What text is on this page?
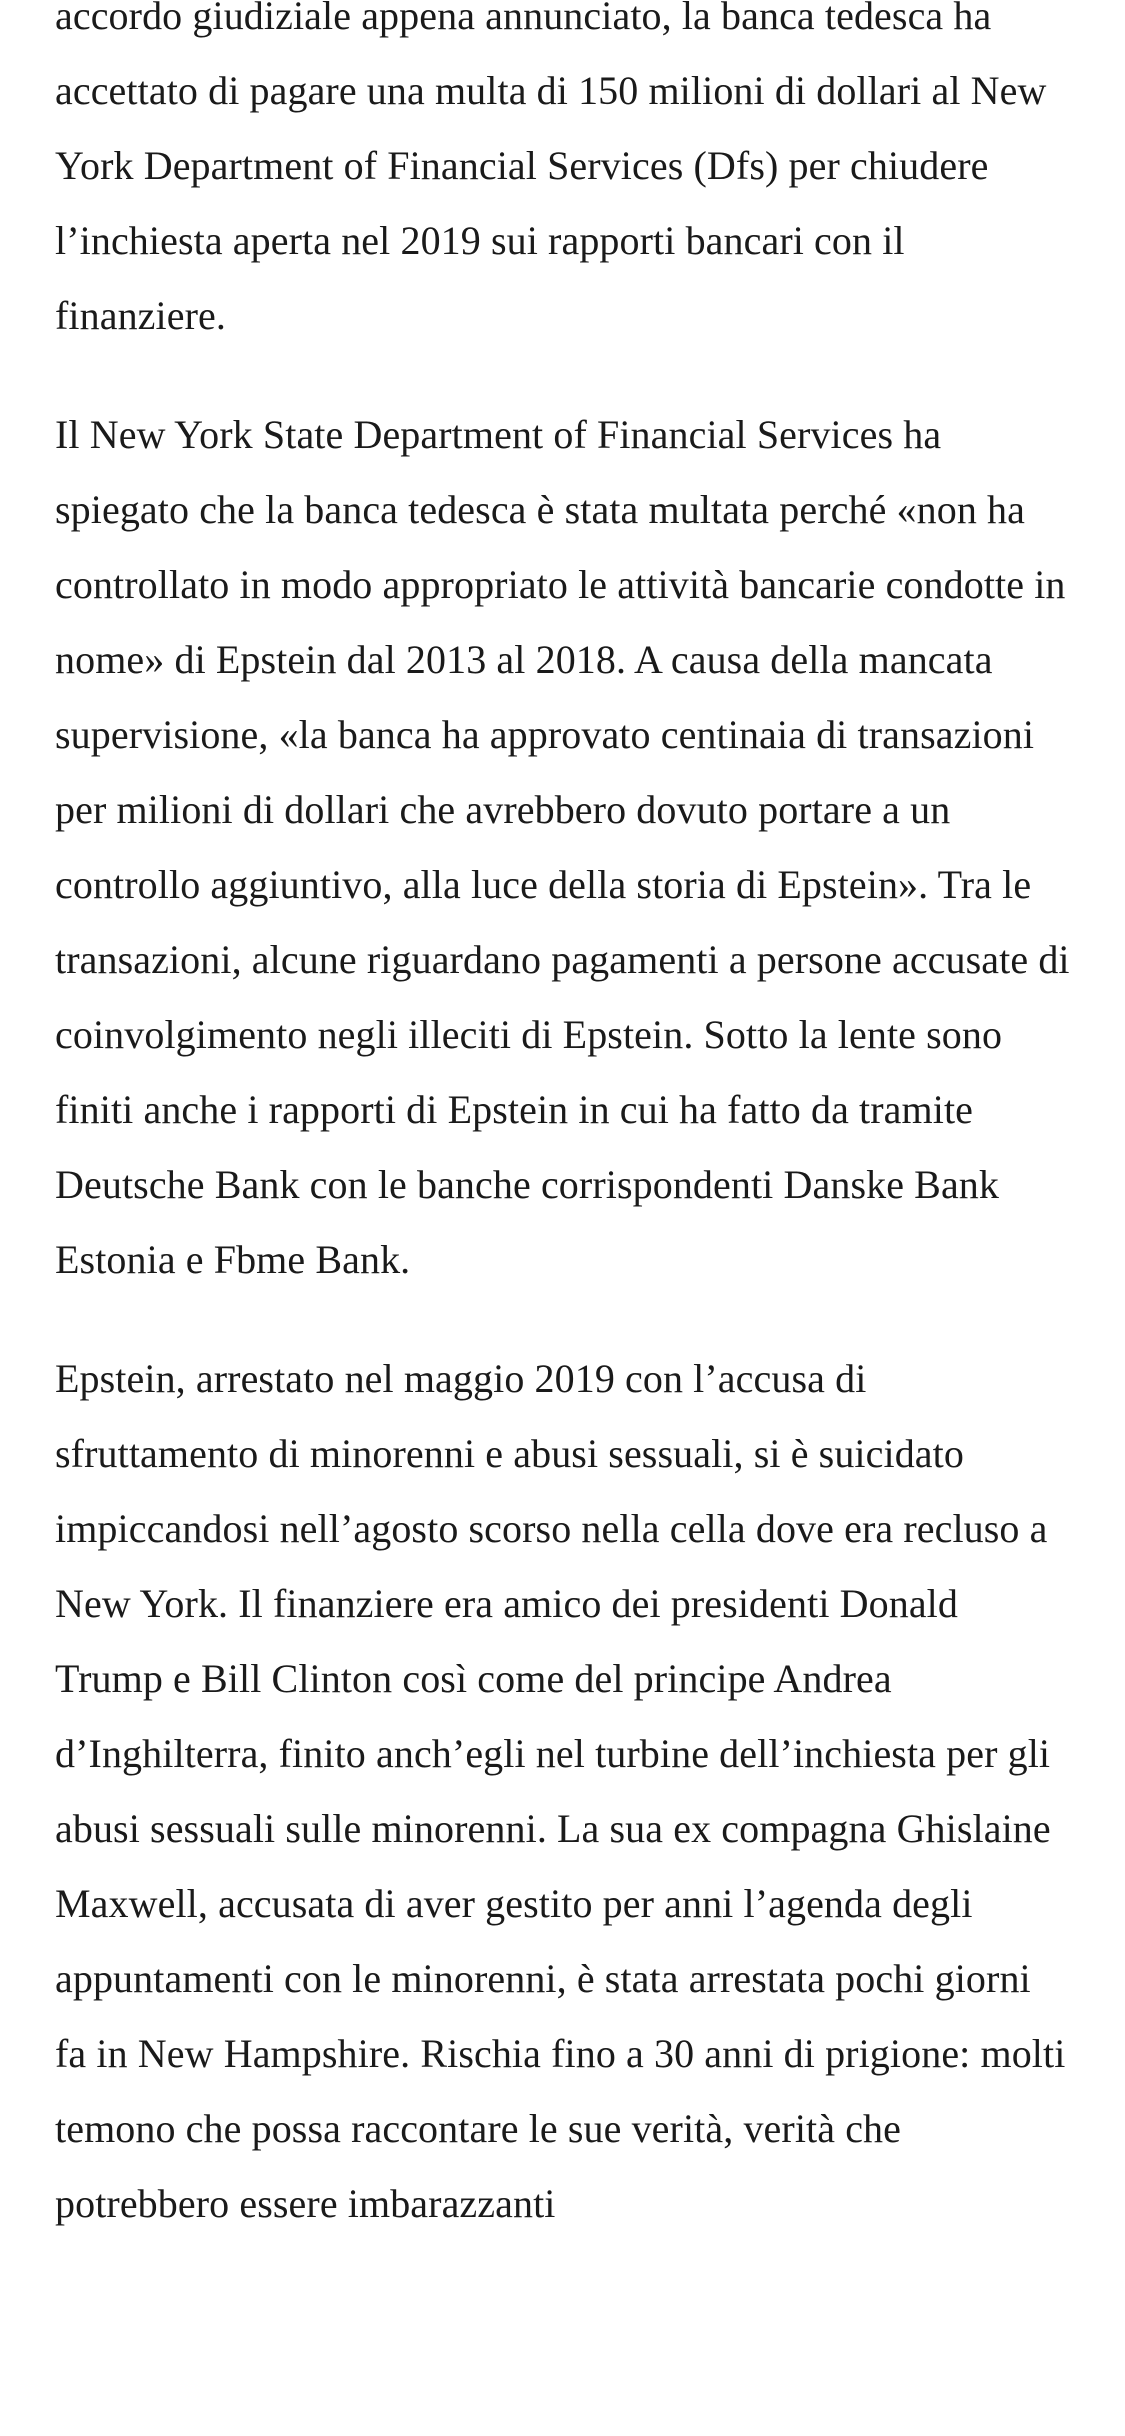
accordo giudiziale appena annunciato, la banca tedesca ha accettato di pagare una multa di 150 milioni di dollari al New York Department of Financial Services (Dfs) per chiudere l’inchiesta aperta nel 2019 sui rapporti bancari con il finanziere.

Il New York State Department of Financial Services ha spiegato che la banca tedesca è stata multata perché «non ha controllato in modo appropriato le attività bancarie condotte in nome» di Epstein dal 2013 al 2018. A causa della mancata supervisione, «la banca ha approvato centinaia di transazioni per milioni di dollari che avrebbero dovuto portare a un controllo aggiuntivo, alla luce della storia di Epstein». Tra le transazioni, alcune riguardano pagamenti a persone accusate di coinvolgimento negli illeciti di Epstein. Sotto la lente sono finiti anche i rapporti di Epstein in cui ha fatto da tramite Deutsche Bank con le banche corrispondenti Danske Bank Estonia e Fbme Bank.

Epstein, arrestato nel maggio 2019 con l’accusa di sfruttamento di minorenni e abusi sessuali, si è suicidato impiccandosi nell’agosto scorso nella cella dove era recluso a New York. Il finanziere era amico dei presidenti Donald Trump e Bill Clinton così come del principe Andrea d’Inghilterra, finito anch’egli nel turbine dell’inchiesta per gli abusi sessuali sulle minorenni. La sua ex compagna Ghislaine Maxwell, accusata di aver gestito per anni l’agenda degli appuntamenti con le minorenni, è stata arrestata pochi giorni fa in New Hampshire. Rischia fino a 30 anni di prigione: molti temono che possa raccontare le sue verità, verità che potrebbero essere imbarazzanti
